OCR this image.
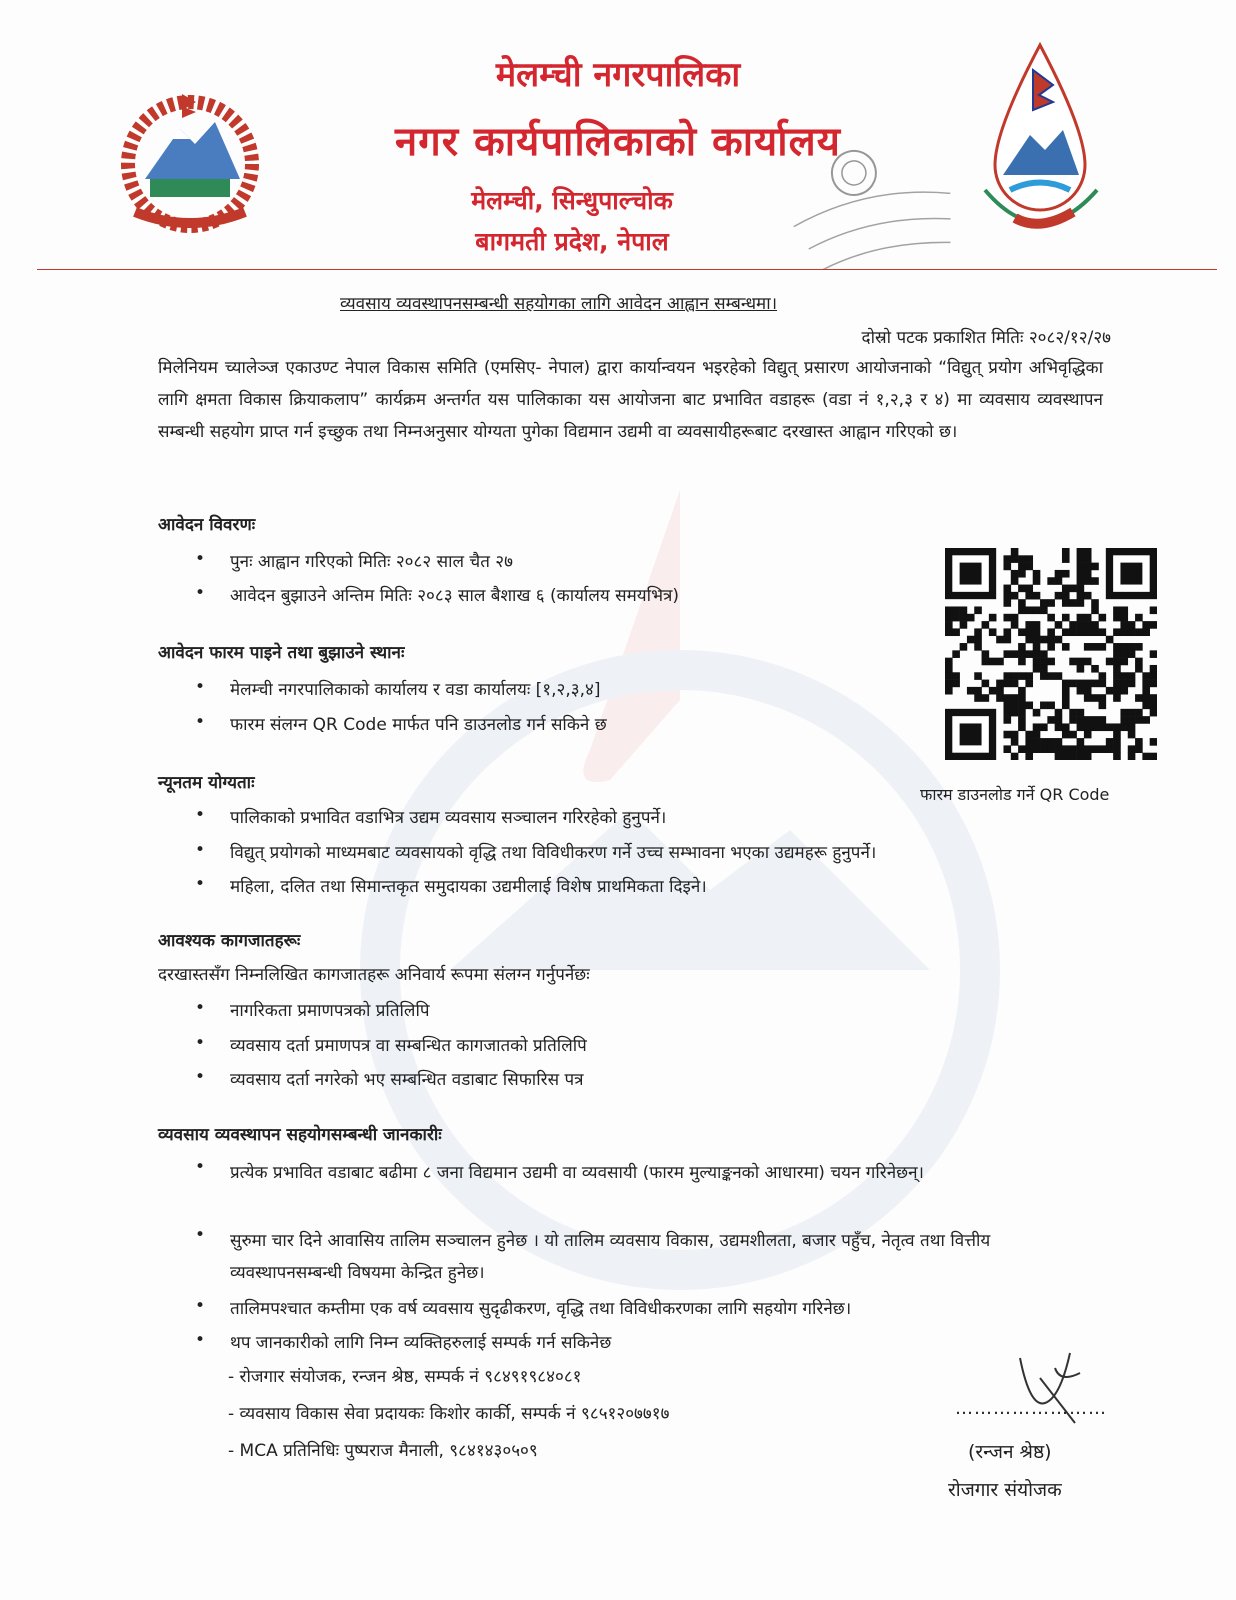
मेलम्ची नगरपालिका
नगर कार्यपालिकाको कार्यालय
मेलम्ची, सिन्धुपाल्चोक
बागमती प्रदेश, नेपाल
व्यवसाय व्यवस्थापनसम्बन्धी सहयोगका लागि आवेदन आह्वान सम्बन्धमा।
दोस्रो पटक प्रकाशित मितिः २०८२/१२/२७
मिलेनियम च्यालेञ्ज एकाउण्ट नेपाल विकास समिति (एमसिए- नेपाल) द्वारा कार्यान्वयन भइरहेको विद्युत् प्रसारण आयोजनाको “विद्युत् प्रयोग अभिवृद्धिका लागि क्षमता विकास क्रियाकलाप” कार्यक्रम अन्तर्गत यस पालिकाका यस आयोजना बाट प्रभावित वडाहरू (वडा नं १,२,३ र ४) मा व्यवसाय व्यवस्थापन सम्बन्धी सहयोग प्राप्त गर्न इच्छुक तथा निम्नअनुसार योग्यता पुगेका विद्यमान उद्यमी वा व्यवसायीहरूबाट दरखास्त आह्वान गरिएको छ।
आवेदन विवरणः
• पुनः आह्वान गरिएको मितिः २०८२ साल चैत २७
• आवेदन बुझाउने अन्तिम मितिः २०८३ साल बैशाख ६ (कार्यालय समयभित्र)
आवेदन फारम पाइने तथा बुझाउने स्थानः
• मेलम्ची नगरपालिकाको कार्यालय र वडा कार्यालयः [१,२,३,४]
• फारम संलग्न QR Code मार्फत पनि डाउनलोड गर्न सकिने छ
फारम डाउनलोड गर्ने QR Code
न्यूनतम योग्यताः
• पालिकाको प्रभावित वडाभित्र उद्यम व्यवसाय सञ्चालन गरिरहेको हुनुपर्ने।
• विद्युत् प्रयोगको माध्यमबाट व्यवसायको वृद्धि तथा विविधीकरण गर्ने उच्च सम्भावना भएका उद्यमहरू हुनुपर्ने।
• महिला, दलित तथा सिमान्तकृत समुदायका उद्यमीलाई विशेष प्राथमिकता दिइने।
आवश्यक कागजातहरूः
दरखास्तसँग निम्नलिखित कागजातहरू अनिवार्य रूपमा संलग्न गर्नुपर्नेछः
• नागरिकता प्रमाणपत्रको प्रतिलिपि
• व्यवसाय दर्ता प्रमाणपत्र वा सम्बन्धित कागजातको प्रतिलिपि
• व्यवसाय दर्ता नगरेको भए सम्बन्धित वडाबाट सिफारिस पत्र
व्यवसाय व्यवस्थापन सहयोगसम्बन्धी जानकारीः
• प्रत्येक प्रभावित वडाबाट बढीमा ८ जना विद्यमान उद्यमी वा व्यवसायी (फारम मुल्याङ्कनको आधारमा) चयन गरिनेछन्।
• सुरुमा चार दिने आवासिय तालिम सञ्चालन हुनेछ । यो तालिम व्यवसाय विकास, उद्यमशीलता, बजार पहुँच, नेतृत्व तथा वित्तीय व्यवस्थापनसम्बन्धी विषयमा केन्द्रित हुनेछ।
• तालिमपश्चात कम्तीमा एक वर्ष व्यवसाय सुदृढीकरण, वृद्धि तथा विविधीकरणका लागि सहयोग गरिनेछ।
• थप जानकारीको लागि निम्न व्यक्तिहरुलाई सम्पर्क गर्न सकिनेछ
- रोजगार संयोजक, रन्जन श्रेष्ठ, सम्पर्क नं ९८४९१९८४०८१
- व्यवसाय विकास सेवा प्रदायकः किशोर कार्की, सम्पर्क नं ९८५१२०७७१७
- MCA प्रतिनिधिः पुष्पराज मैनाली, ९८४१४३०५०९
……………………
(रन्जन श्रेष्ठ)
रोजगार संयोजक
